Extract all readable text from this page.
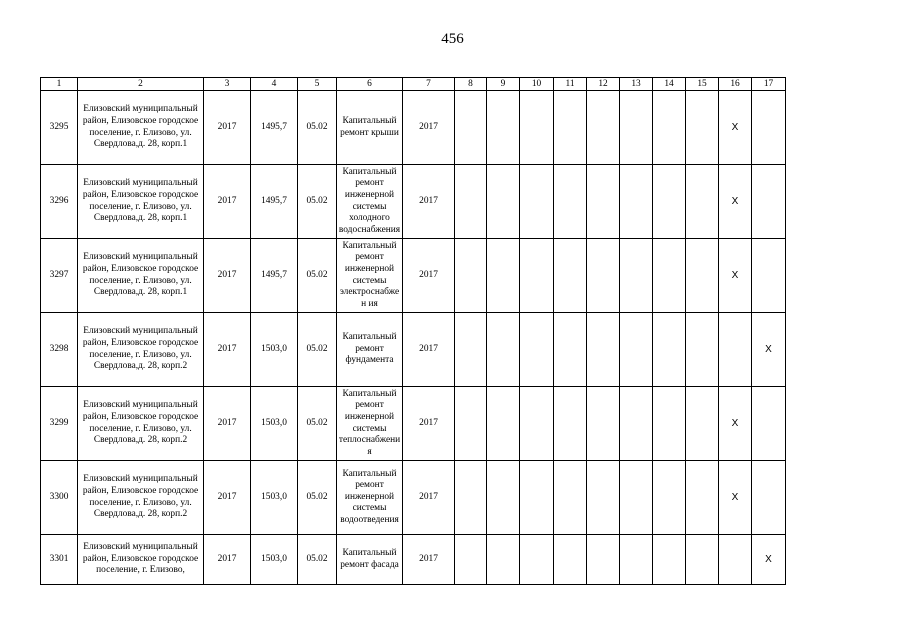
456
1	2	3	4	5	6	7	8	9	10	11	12	13	14	15	16	17

3295	Елизовский муниципальный район, Елизовское городское поселение, г. Елизово, ул. Свердлова,д. 28, корп.1	2017	1495,7	05.02	Капитальный ремонт крыши	2017									Х	

3296	Елизовский муниципальный район, Елизовское городское поселение, г. Елизово, ул. Свердлова,д. 28, корп.1	2017	1495,7	05.02	Капитальный ремонт инженерной системы холодного водоснабжения	2017									Х	

3297	Елизовский муниципальный район, Елизовское городское поселение, г. Елизово, ул. Свердлова,д. 28, корп.1	2017	1495,7	05.02	Капитальный ремонт инженерной системы электроснабжен ия	2017									Х	

3298	Елизовский муниципальный район, Елизовское городское поселение, г. Елизово, ул. Свердлова,д. 28, корп.2	2017	1503,0	05.02	Капитальный ремонт фундамента	2017										Х

3299	Елизовский муниципальный район, Елизовское городское поселение, г. Елизово, ул. Свердлова,д. 28, корп.2	2017	1503,0	05.02	Капитальный ремонт инженерной системы теплоснабжени я	2017									Х	

3300	Елизовский муниципальный район, Елизовское городское поселение, г. Елизово, ул. Свердлова,д. 28, корп.2	2017	1503,0	05.02	Капитальный ремонт инженерной системы водоотведения	2017									Х	

3301	Елизовский муниципальный район, Елизовское городское поселение, г. Елизово,	2017	1503,0	05.02	Капитальный ремонт фасада	2017										Х
